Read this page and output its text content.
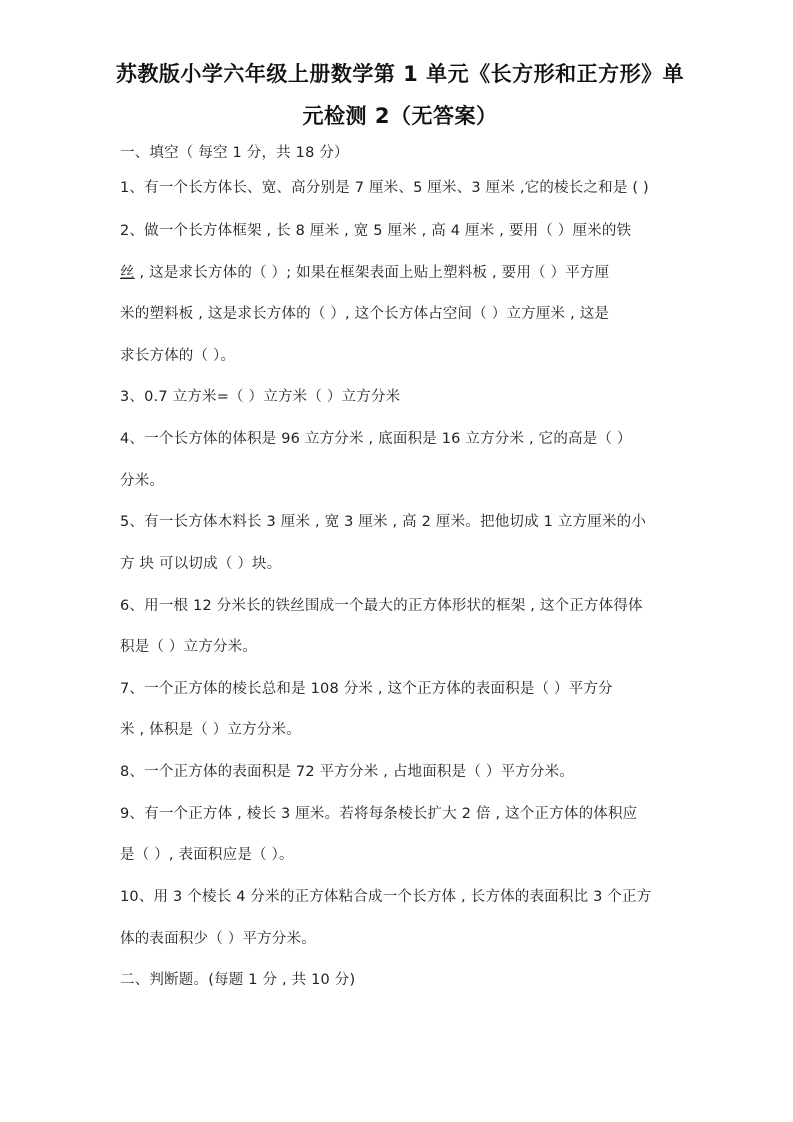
苏教版小学六年级上册数学第 1 单元《长方形和正方形》单
元检测 2（无答案）
一、填空（ 每空 1 分，共 18 分）
1、有一个长方体长、宽、高分别是 7 厘米、5 厘米、3 厘米 ,它的棱长之和是 ( )
2、做一个长方体框架 , 长 8 厘米 , 宽 5 厘米 , 高 4 厘米 , 要用（ ）厘米的铁
丝 , 这是求长方体的（ ）; 如果在框架表面上贴上塑料板 , 要用（ ）平方厘
米的塑料板 , 这是求长方体的（ ）, 这个长方体占空间（ ）立方厘米 , 这是
求长方体的（ ）。
3、0.7 立方米=（ ）立方米（ ）立方分米
4、一个长方体的体积是 96 立方分米 , 底面积是 16 立方分米 , 它的高是（ ）
分米。
5、有一长方体木料长 3 厘米 , 宽 3 厘米 , 高 2 厘米。把他切成 1 立方厘米的小
方 块 可以切成（ ）块。
6、用一根 12 分米长的铁丝围成一个最大的正方体形状的框架 , 这个正方体得体
积是（ ）立方分米。
7、一个正方体的棱长总和是 108 分米 , 这个正方体的表面积是（ ）平方分
米 , 体积是（ ）立方分米。
8、一个正方体的表面积是 72 平方分米 , 占地面积是（ ）平方分米。
9、有一个正方体 , 棱长 3 厘米。若将每条棱长扩大 2 倍 , 这个正方体的体积应
是（ ）, 表面积应是（ ）。
10、用 3 个棱长 4 分米的正方体粘合成一个长方体 , 长方体的表面积比 3 个正方
体的表面积少（ ）平方分米。
二、判断题。(每题 1 分 , 共 10 分)
